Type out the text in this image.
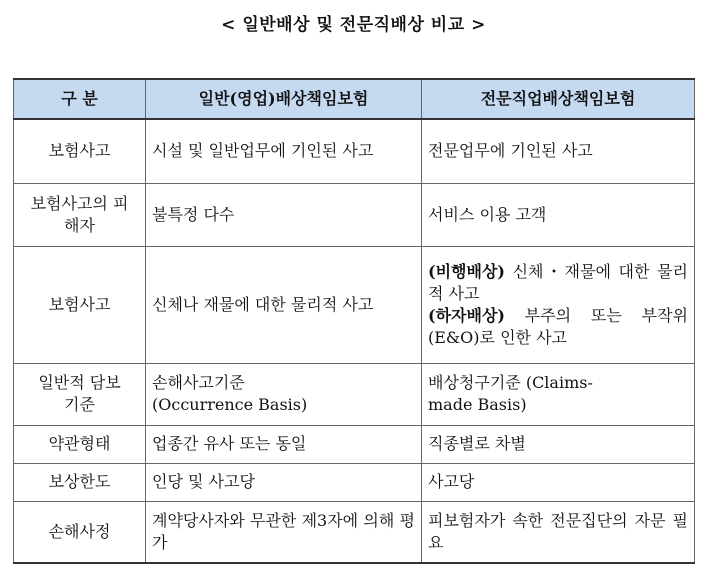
< 일반배상 및 전문직배상 비교 >
구 분	일반(영업)배상책임보험	전문직업배상책임보험
보험사고	시설 및 일반업무에 기인된 사고	전문업무에 기인된 사고
보험사고의 피해자	불특정 다수	서비스 이용 고객
보험사고	신체나 재물에 대한 물리적 사고	(비행배상) 신체・재물에 대한 물리적 사고
(하자배상) 부주의 또는 부작위(E&O)로 인한 사고
일반적 담보기준	손해사고기준 (Occurrence Basis)	배상청구기준 (Claims-made Basis)
약관형태	업종간 유사 또는 동일	직종별로 차별
보상한도	인당 및 사고당	사고당
손해사정	계약당사자와 무관한 제3자에 의해 평가	피보험자가 속한 전문집단의 자문 필요
